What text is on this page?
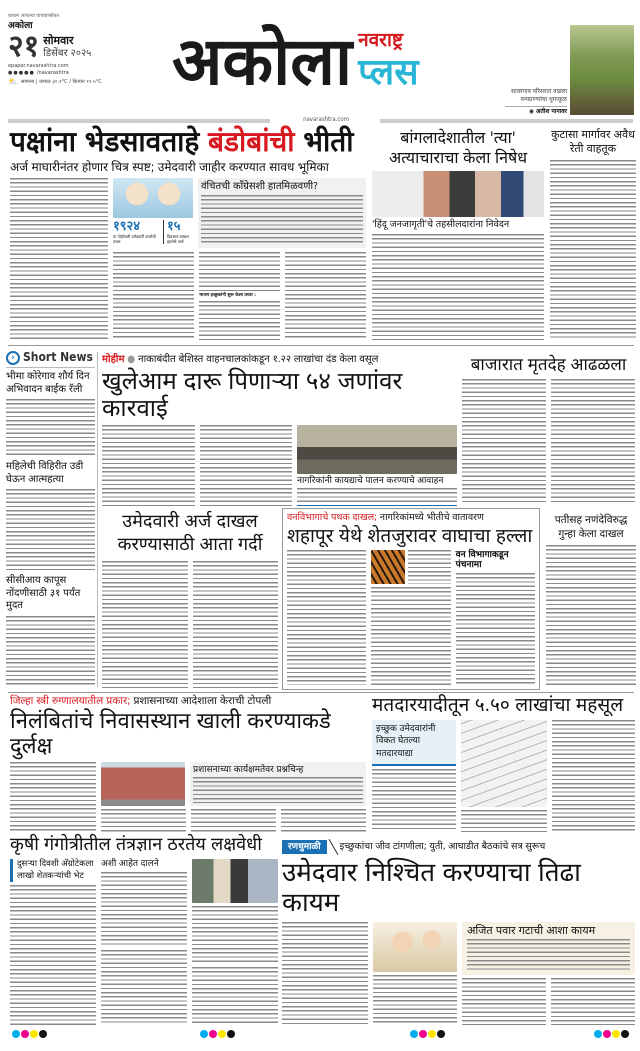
कायम आपल्या वाचकांसोबत
अकोला
२१ सोमवार
डिसेंबर २०२५
epaper.navarashtra.com
● ● ● ● ● /navarashtra
⛅ सामान्य | कमाल ३०.१°C / किमान १२.५°C अकोला नवराष्ट्र
प्लस	सावरगाव परिसरात वाढला वन्यप्राण्यांचा धुमाकूळ
◉ अतीश पानावर
navarashtra.com
पक्षांना भेडसावताहे बंडोबांची भीती
अर्ज माघारीनंतर होणार चित्र स्पष्ट; उमेदवारी जाहीर करण्यात सावध भूमिका
१९२४
या पोहोचली उमेदवारी अर्जांची उचल
१५
दिवसात दाखल झालेले अर्ज
वंचितची काँग्रेसशी हातमिळवणी?
भाजप इच्छुकांनी सुरू केला प्रचार :
बांगलादेशातील 'त्या' अत्याचाराचा केला निषेध
'हिंदू जनजागृती'चे तहसीलदारांना निवेदन
कुटासा मार्गावर अवैध रेती वाहतूक
› Short News
भीमा कोरेगाव शौर्य दिन अभिवादन बाईक रॅली
महिलेची विहिरीत उडी घेऊन आत्महत्या
सीसीआय कापूस नोंदणीसाठी ३१ पर्यंत मुदत
मोहीम ● नाकाबंदीत बेशिस्त वाहनचालकांकडून १.२२ लाखांचा दंड केला वसूल
खुलेआम दारू पिणाऱ्या ५४ जणांवर कारवाई
नागरिकांनी कायद्याचे पालन करण्याचे आवाहन
बाजारात मृतदेह आढळला
उमेदवारी अर्ज दाखल करण्यासाठी आता गर्दी
वनविभागाचे पथक दाखल; नागरिकांमध्ये भीतीचे वातावरण
शहापूर येथे शेतजुरावर वाघाचा हल्ला
वन विभागाकडून पंचनामा
पतीसह नणंदेविरुद्ध गुन्हा केला दाखल
जिल्हा स्त्री रुग्णालयातील प्रकार; प्रशासनाच्या आदेशाला केराची टोपली
निलंबितांचे निवासस्थान खाली करण्याकडे दुर्लक्ष
प्रशासनाच्या कार्यक्षमतेवर प्रश्नचिन्ह
मतदारयादीतून ५.५० लाखांचा महसूल
इच्छुक उमेदवारांनी विकत घेतल्या मतदारयाद्या
कृषी गंगोत्रीतील तंत्रज्ञान ठरतेय लक्षवेधी
दुसऱ्या दिवशी अ‍ॅग्रोटेकला लाखो शेतकऱ्यांची भेट
अशी आहेत दालने
रणधुमाळी	इच्छुकांचा जीव टांगणीला; युती, आघाडीत बैठकांचे सत्र सुरूच
उमेदवार निश्चित करण्याचा तिढा कायम
अजित पवार गटाची आशा कायम
